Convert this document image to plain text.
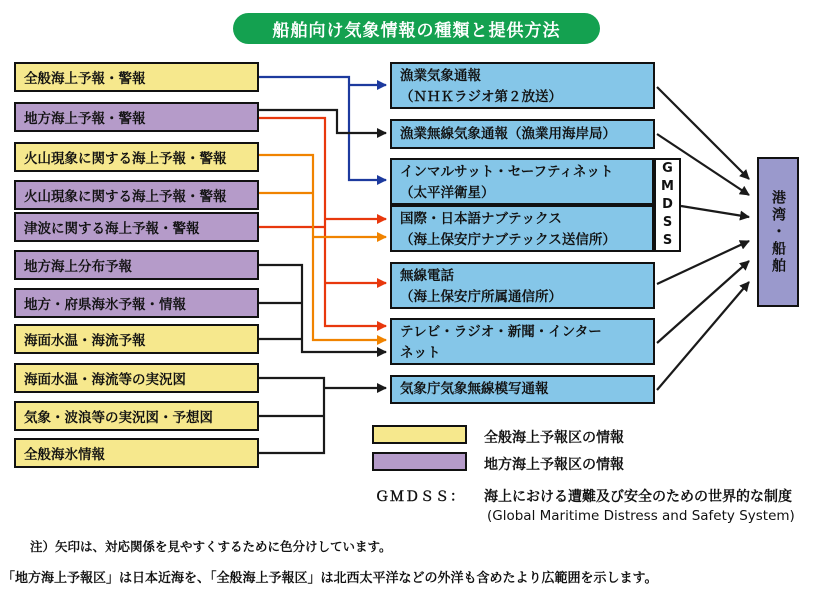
船舶向け気象情報の種類と提供方法
全般海上予報・警報
地方海上予報・警報
火山現象に関する海上予報・警報
火山現象に関する海上予報・警報
津波に関する海上予報・警報
地方海上分布予報
地方・府県海氷予報・情報
海面水温・海流予報
海面水温・海流等の実況図
気象・波浪等の実況図・予想図
全般海氷情報
漁業気象通報
（ＮＨＫラジオ第２放送）
漁業無線気象通報（漁業用海岸局）
インマルサット・セーフティネット
（太平洋衛星）
国際・日本語ナブテックス
（海上保安庁ナブテックス送信所）
無線電話
（海上保安庁所属通信所）
テレビ・ラジオ・新聞・インター
ネット
気象庁気象無線模写通報
G
M
D
S
S	港湾・船舶
全般海上予報区の情報
地方海上予報区の情報
ＧＭＤＳＳ： 海上における遭難及び安全のための世界的な制度
(Global Maritime Distress and Safety System)
注）矢印は、対応関係を見やすくするために色分けしています。
「地方海上予報区」は日本近海を、「全般海上予報区」は北西太平洋などの外洋も含めたより広範囲を示します。
